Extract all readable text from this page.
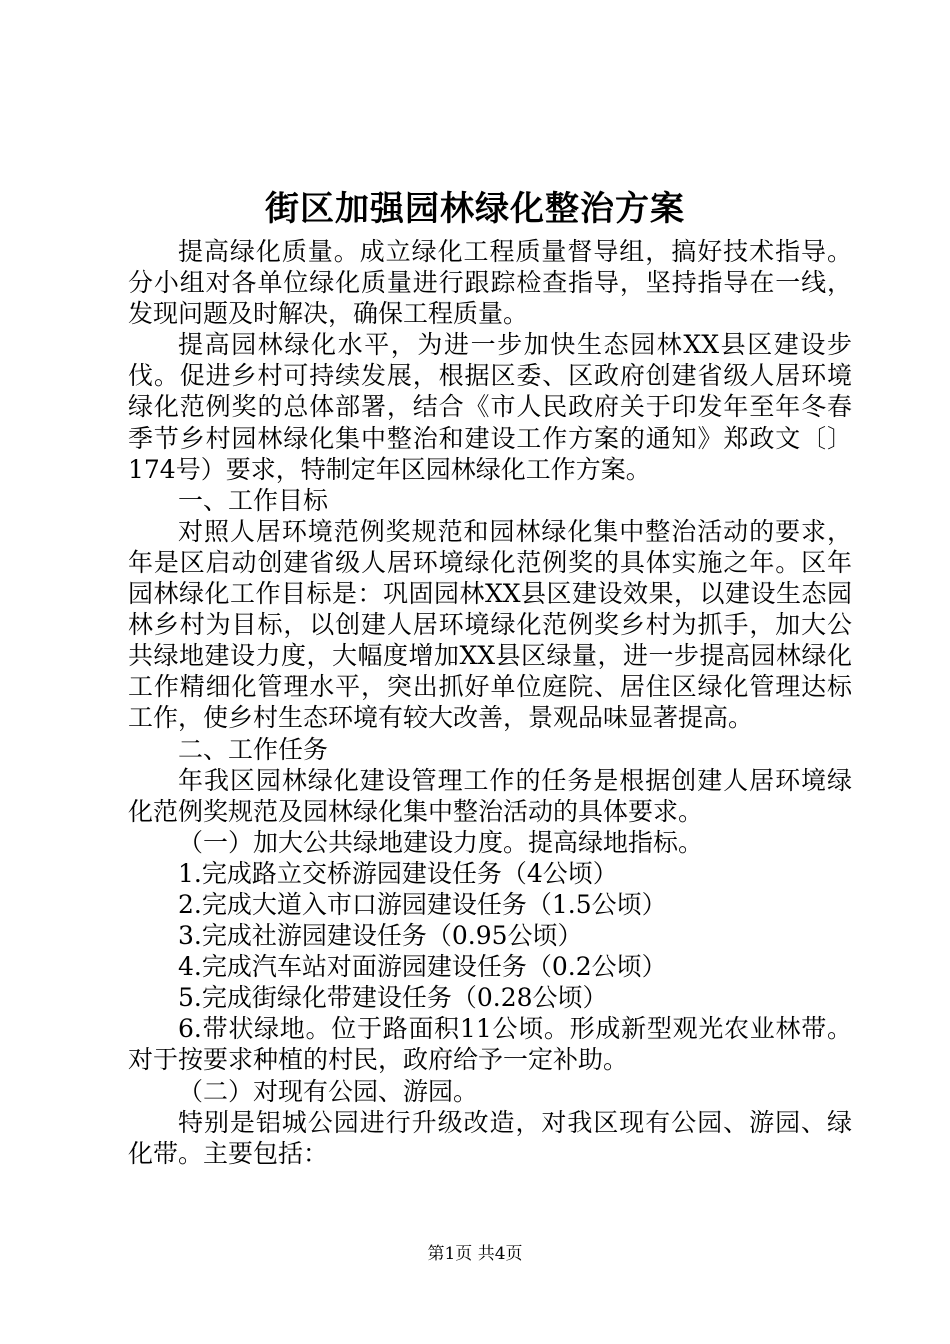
街区加强园林绿化整治方案

提高绿化质量。成立绿化工程质量督导组，搞好技术指导。分小组对各单位绿化质量进行跟踪检查指导，坚持指导在一线，发现问题及时解决，确保工程质量。

提高园林绿化水平，为进一步加快生态园林XX县区建设步伐。促进乡村可持续发展，根据区委、区政府创建省级人居环境绿化范例奖的总体部署，结合《市人民政府关于印发年至年冬春季节乡村园林绿化集中整治和建设工作方案的通知》郑政文〔〕174号）要求，特制定年区园林绿化工作方案。

一、工作目标

对照人居环境范例奖规范和园林绿化集中整治活动的要求，年是区启动创建省级人居环境绿化范例奖的具体实施之年。区年园林绿化工作目标是：巩固园林XX县区建设效果，以建设生态园林乡村为目标，以创建人居环境绿化范例奖乡村为抓手，加大公共绿地建设力度，大幅度增加XX县区绿量，进一步提高园林绿化工作精细化管理水平，突出抓好单位庭院、居住区绿化管理达标工作，使乡村生态环境有较大改善，景观品味显著提高。

二、工作任务

年我区园林绿化建设管理工作的任务是根据创建人居环境绿化范例奖规范及园林绿化集中整治活动的具体要求。

（一）加大公共绿地建设力度。提高绿地指标。

1.完成路立交桥游园建设任务（4公顷）

2.完成大道入市口游园建设任务（1.5公顷）

3.完成社游园建设任务（0.95公顷）

4.完成汽车站对面游园建设任务（0.2公顷）

5.完成街绿化带建设任务（0.28公顷）

6.带状绿地。位于路面积11公顷。形成新型观光农业林带。对于按要求种植的村民，政府给予一定补助。

（二）对现有公园、游园。

特别是铝城公园进行升级改造，对我区现有公园、游园、绿化带。主要包括：

第1页 共4页
